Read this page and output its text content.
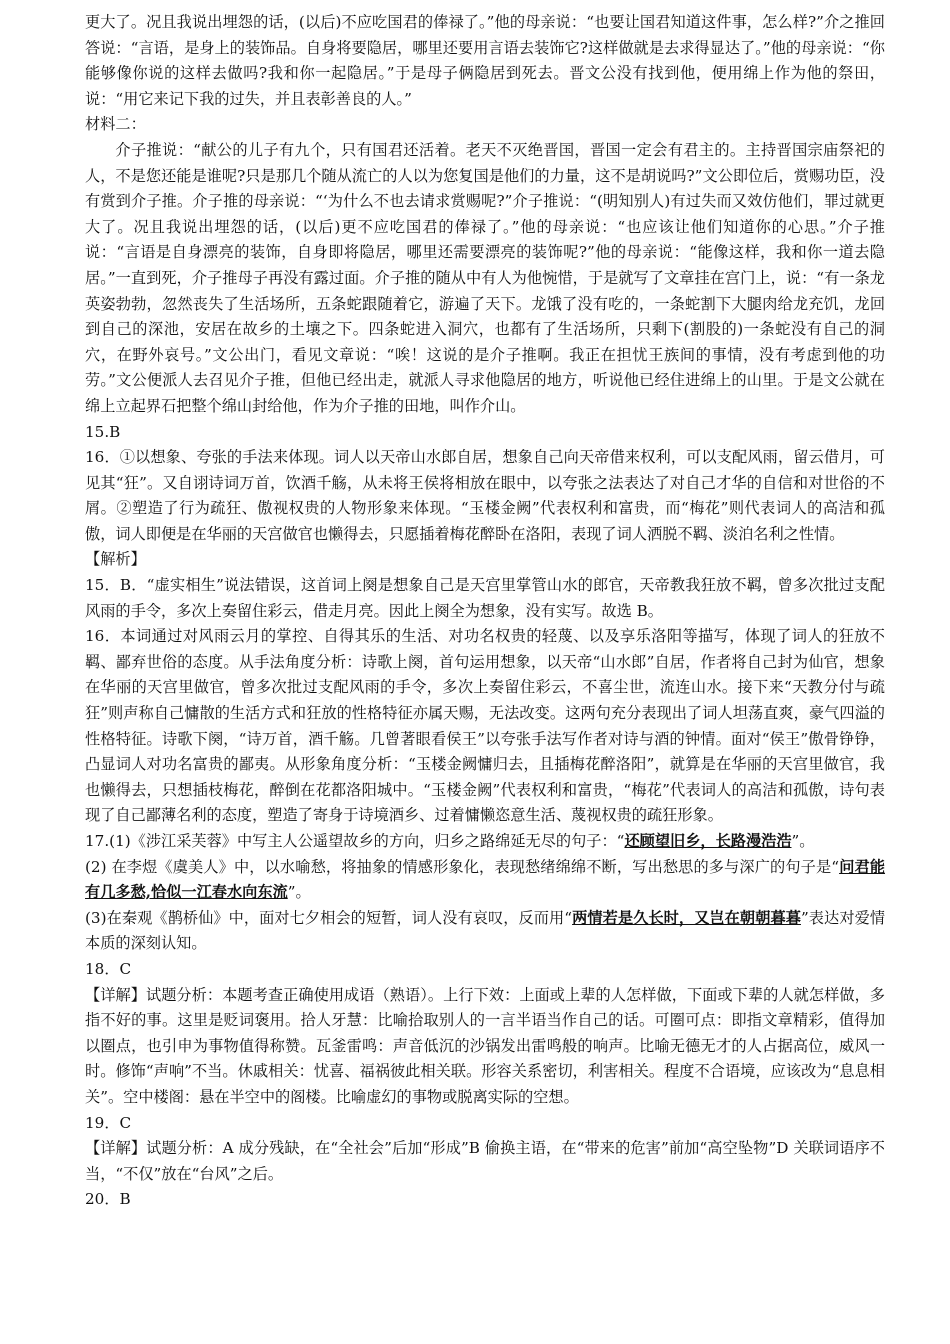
更大了。况且我说出埋怨的话，(以后)不应吃国君的俸禄了。”他的母亲说：“也要让国君知道这件事，怎么样?”介之推回答说：“言语，是身上的装饰品。自身将要隐居，哪里还要用言语去装饰它?这样做就是去求得显达了。”他的母亲说：“你能够像你说的这样去做吗?我和你一起隐居。”于是母子俩隐居到死去。晋文公没有找到他，便用绵上作为他的祭田，说：“用它来记下我的过失，并且表彰善良的人。”

材料二：

介子推说：“献公的儿子有九个，只有国君还活着。老天不灭绝晋国，晋国一定会有君主的。主持晋国宗庙祭祀的人，不是您还能是谁呢?只是那几个随从流亡的人以为您复国是他们的力量，这不是胡说吗?”文公即位后，赏赐功臣，没有赏到介子推。介子推的母亲说：“‘为什么不也去请求赏赐呢?”介子推说：“(明知别人)有过失而又效仿他们，罪过就更大了。况且我说出埋怨的话，(以后)更不应吃国君的俸禄了。”他的母亲说：“也应该让他们知道你的心思。”介子推说：“言语是自身漂亮的装饰，自身即将隐居，哪里还需要漂亮的装饰呢?”他的母亲说：“能像这样，我和你一道去隐居。”一直到死，介子推母子再没有露过面。介子推的随从中有人为他惋惜，于是就写了文章挂在宫门上，说：“有一条龙英姿勃勃，忽然丧失了生活场所，五条蛇跟随着它，游遍了天下。龙饿了没有吃的，一条蛇割下大腿肉给龙充饥，龙回到自己的深池，安居在故乡的土壤之下。四条蛇进入洞穴，也都有了生活场所，只剩下(割股的)一条蛇没有自己的洞穴，在野外哀号。”文公出门，看见文章说：“唉！这说的是介子推啊。我正在担忧王族间的事情，没有考虑到他的功劳。”文公便派人去召见介子推，但他已经出走，就派人寻求他隐居的地方，听说他已经住进绵上的山里。于是文公就在绵上立起界石把整个绵山封给他，作为介子推的田地，叫作介山。

15.B

16．①以想象、夸张的手法来体现。词人以天帝山水郎自居，想象自己向天帝借来权利，可以支配风雨，留云借月，可见其“狂”。又自诩诗词万首，饮酒千觞，从未将王侯将相放在眼中，以夸张之法表达了对自己才华的自信和对世俗的不屑。②塑造了行为疏狂、傲视权贵的人物形象来体现。“玉楼金阙”代表权利和富贵，而“梅花”则代表词人的高洁和孤傲，词人即便是在华丽的天宫做官也懒得去，只愿插着梅花醉卧在洛阳，表现了词人洒脱不羁、淡泊名利之性情。

【解析】

15．B．“虚实相生”说法错误，这首词上阕是想象自己是天宫里掌管山水的郎官，天帝教我狂放不羁，曾多次批过支配风雨的手令，多次上奏留住彩云，借走月亮。因此上阕全为想象，没有实写。故选 B。

16．本词通过对风雨云月的掌控、自得其乐的生活、对功名权贵的轻蔑、以及享乐洛阳等描写，体现了词人的狂放不羁、鄙弃世俗的态度。从手法角度分析：诗歌上阕，首句运用想象，以天帝“山水郎”自居，作者将自己封为仙官，想象在华丽的天宫里做官，曾多次批过支配风雨的手令，多次上奏留住彩云，不喜尘世，流连山水。接下来“天教分付与疏狂”则声称自己慵散的生活方式和狂放的性格特征亦属天赐，无法改变。这两句充分表现出了词人坦荡直爽，豪气四溢的性格特征。诗歌下阕，“诗万首，酒千觞。几曾著眼看侯王”以夸张手法写作者对诗与酒的钟情。面对“侯王”傲骨铮铮，凸显词人对功名富贵的鄙夷。从形象角度分析：“玉楼金阙慵归去，且插梅花醉洛阳”，就算是在华丽的天宫里做官，我也懒得去，只想插枝梅花，醉倒在花都洛阳城中。“玉楼金阙”代表权利和富贵，“梅花”代表词人的高洁和孤傲，诗句表现了自己鄙薄名利的态度，塑造了寄身于诗境酒乡、过着慵懒恣意生活、蔑视权贵的疏狂形象。

17.(1)《涉江采芙蓉》中写主人公遥望故乡的方向，归乡之路绵延无尽的句子：“还顾望旧乡，长路漫浩浩”。

(2) 在李煜《虞美人》中，以水喻愁，将抽象的情感形象化，表现愁绪绵绵不断，写出愁思的多与深广的句子是“问君能有几多愁,恰似一江春水向东流”。

(3)在秦观《鹊桥仙》中，面对七夕相会的短暂，词人没有哀叹，反而用“两情若是久长时，又岂在朝朝暮暮”表达对爱情本质的深刻认知。

18．C

【详解】试题分析：本题考查正确使用成语（熟语）。上行下效：上面或上辈的人怎样做，下面或下辈的人就怎样做，多指不好的事。这里是贬词褒用。拾人牙慧：比喻拾取别人的一言半语当作自己的话。可圈可点：即指文章精彩，值得加以圈点，也引申为事物值得称赞。瓦釜雷鸣：声音低沉的沙锅发出雷鸣般的响声。比喻无德无才的人占据高位，威风一时。修饰“声响”不当。休戚相关：忧喜、福祸彼此相关联。形容关系密切，利害相关。程度不合语境，应该改为“息息相关”。空中楼阁：悬在半空中的阁楼。比喻虚幻的事物或脱离实际的空想。

19．C

【详解】试题分析：A 成分残缺，在“全社会”后加“形成”B 偷换主语，在“带来的危害”前加“高空坠物”D 关联词语序不当，“不仅”放在“台风”之后。

20．B
